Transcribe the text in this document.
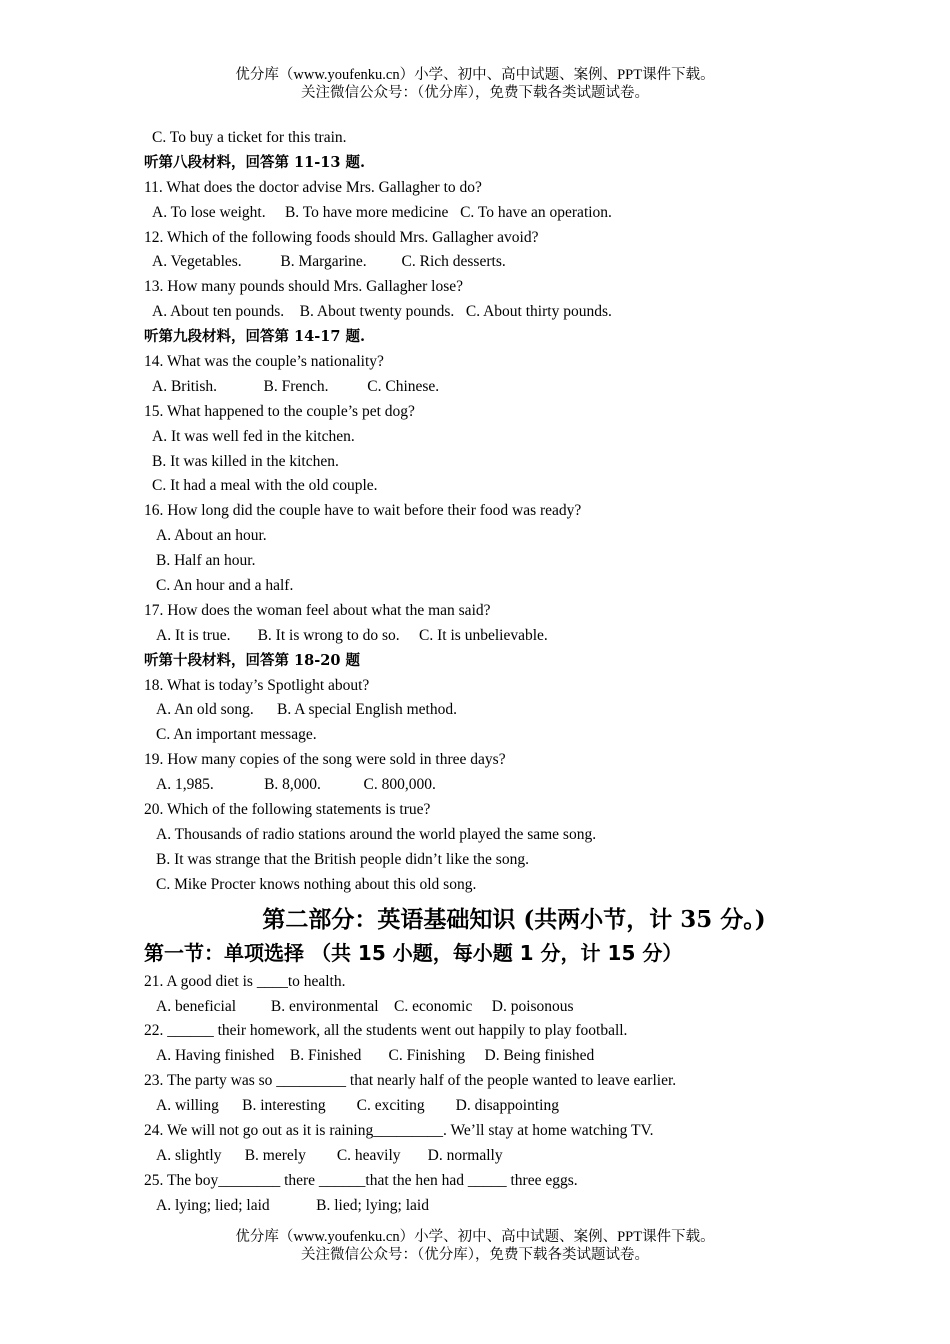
优分库（www.youfenku.cn）小学、初中、高中试题、案例、PPT课件下载。
关注微信公众号：（优分库），免费下载各类试题试卷。
C. To buy a ticket for this train.
听第八段材料，回答第 11-13 题.
11. What does the doctor advise Mrs. Gallagher to do?
A. To lose weight.     B. To have more medicine   C. To have an operation.
12. Which of the following foods should Mrs. Gallagher avoid?
A. Vegetables.          B. Margarine.         C. Rich desserts.
13. How many pounds should Mrs. Gallagher lose?
A. About ten pounds.    B. About twenty pounds.   C. About thirty pounds.
听第九段材料，回答第 14-17 题.
14. What was the couple’s nationality?
A. British.            B. French.          C. Chinese.
15. What happened to the couple’s pet dog?
A. It was well fed in the kitchen.
B. It was killed in the kitchen.
C. It had a meal with the old couple.
16. How long did the couple have to wait before their food was ready?
A. About an hour.
B. Half an hour.
C. An hour and a half.
17. How does the woman feel about what the man said?
A. It is true.       B. It is wrong to do so.     C. It is unbelievable.
听第十段材料，回答第 18-20 题
18. What is today’s Spotlight about?
A. An old song.      B. A special English method.
C. An important message.
19. How many copies of the song were sold in three days?
A. 1,985.             B. 8,000.           C. 800,000.
20. Which of the following statements is true?
A. Thousands of radio stations around the world played the same song.
B. It was strange that the British people didn’t like the song.
C. Mike Procter knows nothing about this old song.
第二部分：英语基础知识 (共两小节，计 35 分。)
第一节：单项选择 （共 15 小题，每小题 1 分，计 15 分）
21. A good diet is ____to health.
A. beneficial         B. environmental    C. economic     D. poisonous
22. ______ their homework, all the students went out happily to play football.
A. Having finished    B. Finished       C. Finishing     D. Being finished
23. The party was so _________ that nearly half of the people wanted to leave earlier.
A. willing      B. interesting        C. exciting        D. disappointing
24. We will not go out as it is raining_________. We’ll stay at home watching TV.
A. slightly      B. merely        C. heavily       D. normally
25. The boy________ there ______that the hen had _____ three eggs.
A. lying; lied; laid            B. lied; lying; laid
优分库（www.youfenku.cn）小学、初中、高中试题、案例、PPT课件下载。
关注微信公众号：（优分库），免费下载各类试题试卷。
